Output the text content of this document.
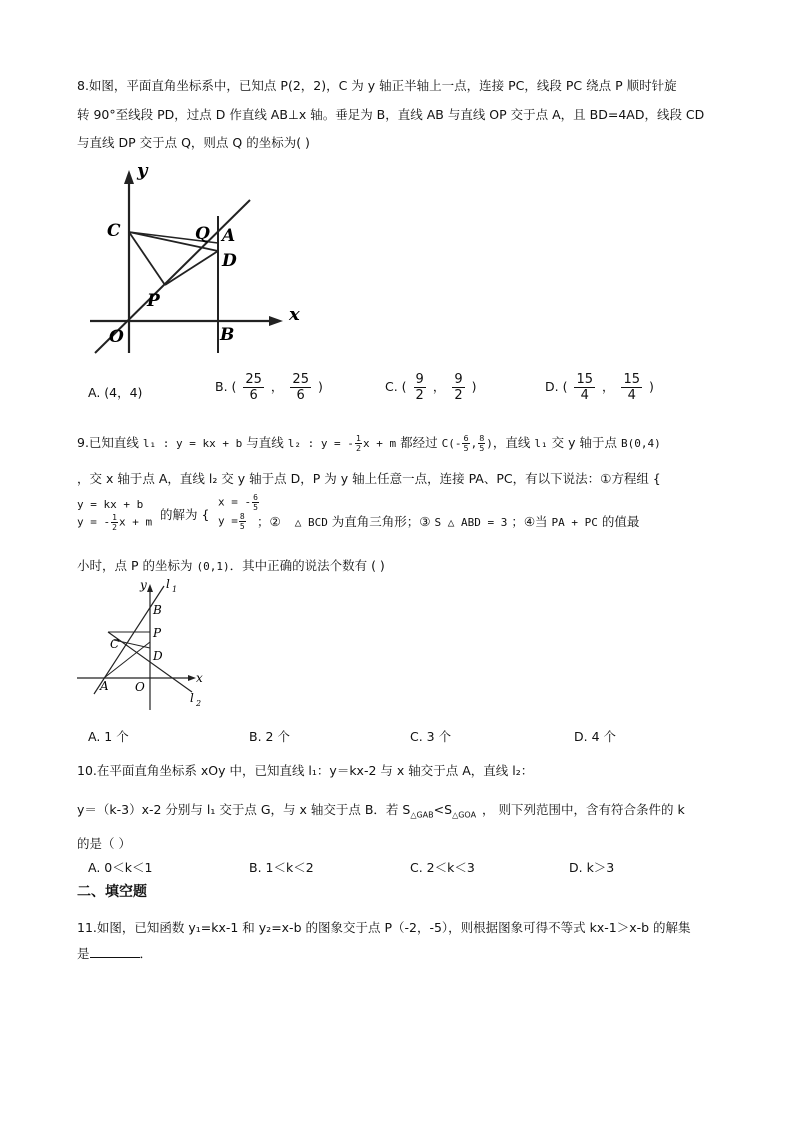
8.如图，平面直角坐标系中，已知点 P(2，2)，C 为 y 轴正半轴上一点，连接 PC，线段 PC 绕点 P 顺时针旋
转 90°至线段 PD，过点 D 作直线 AB⊥x 轴。垂足为 B，直线 AB 与直线 OP 交于点 A，且 BD=4AD，线段 CD
与直线 DP 交于点 Q，则点 Q 的坐标为( )
y
x
C	Q A
D
P
O	B
A. (4，4)	B. ( $\frac{25}{6}$ ， $\frac{25}{6}$ )	C. ( $\frac{9}{2}$ ， $\frac{9}{2}$ )	D. ( $\frac{15}{4}$ ， $\frac{15}{4}$ )
9.已知直线 l₁ : y = kx + b 与直线 l₂ : y = - $\frac{1}{2}$ x + m 都经过 $C(- \frac{6}{5}$ , $\frac{8}{5}$ )，直线 l₁ 交 y 轴于点 B(0,4)
，交 x 轴于点 A，直线 l₂ 交 y 轴于点 D，P 为 y 轴上任意一点，连接 PA、PC，有以下说法：①方程组 {
y = kx + b
y = - $\frac{1}{2}$ x + m 的解为 {
x = - $\frac{6}{5}$
$y = \frac{8}{5}$ ；② △ BCD 为直角三角形；③ S △ ABD = 3 ；④当 PA + PC 的值最
小时，点 P 的坐标为 (0,1)．其中正确的说法个数有 ( )
y l 1
B
P
C
D
x
A O
l 2
A. 1 个	B. 2 个	C. 3 个	D. 4 个
10.在平面直角坐标系 xOy 中，已知直线 l₁：y＝kx-2 与 x 轴交于点 A，直线 l₂：
y＝（k-3）x-2 分别与 l₁ 交于点 G，与 x 轴交于点 B．若 $S_{\triangle GAB}<S_{\triangle GOA}$ ， 则下列范围中，含有符合条件的 k
的是（ ）
A. 0＜k＜1	B. 1＜k＜2	C. 2＜k＜3	D. k＞3
二、填空题
11.如图，已知函数 y₁=kx-1 和 y₂=x-b 的图象交于点 P（-2，-5），则根据图象可得不等式 kx-1＞x-b 的解集
是	．
